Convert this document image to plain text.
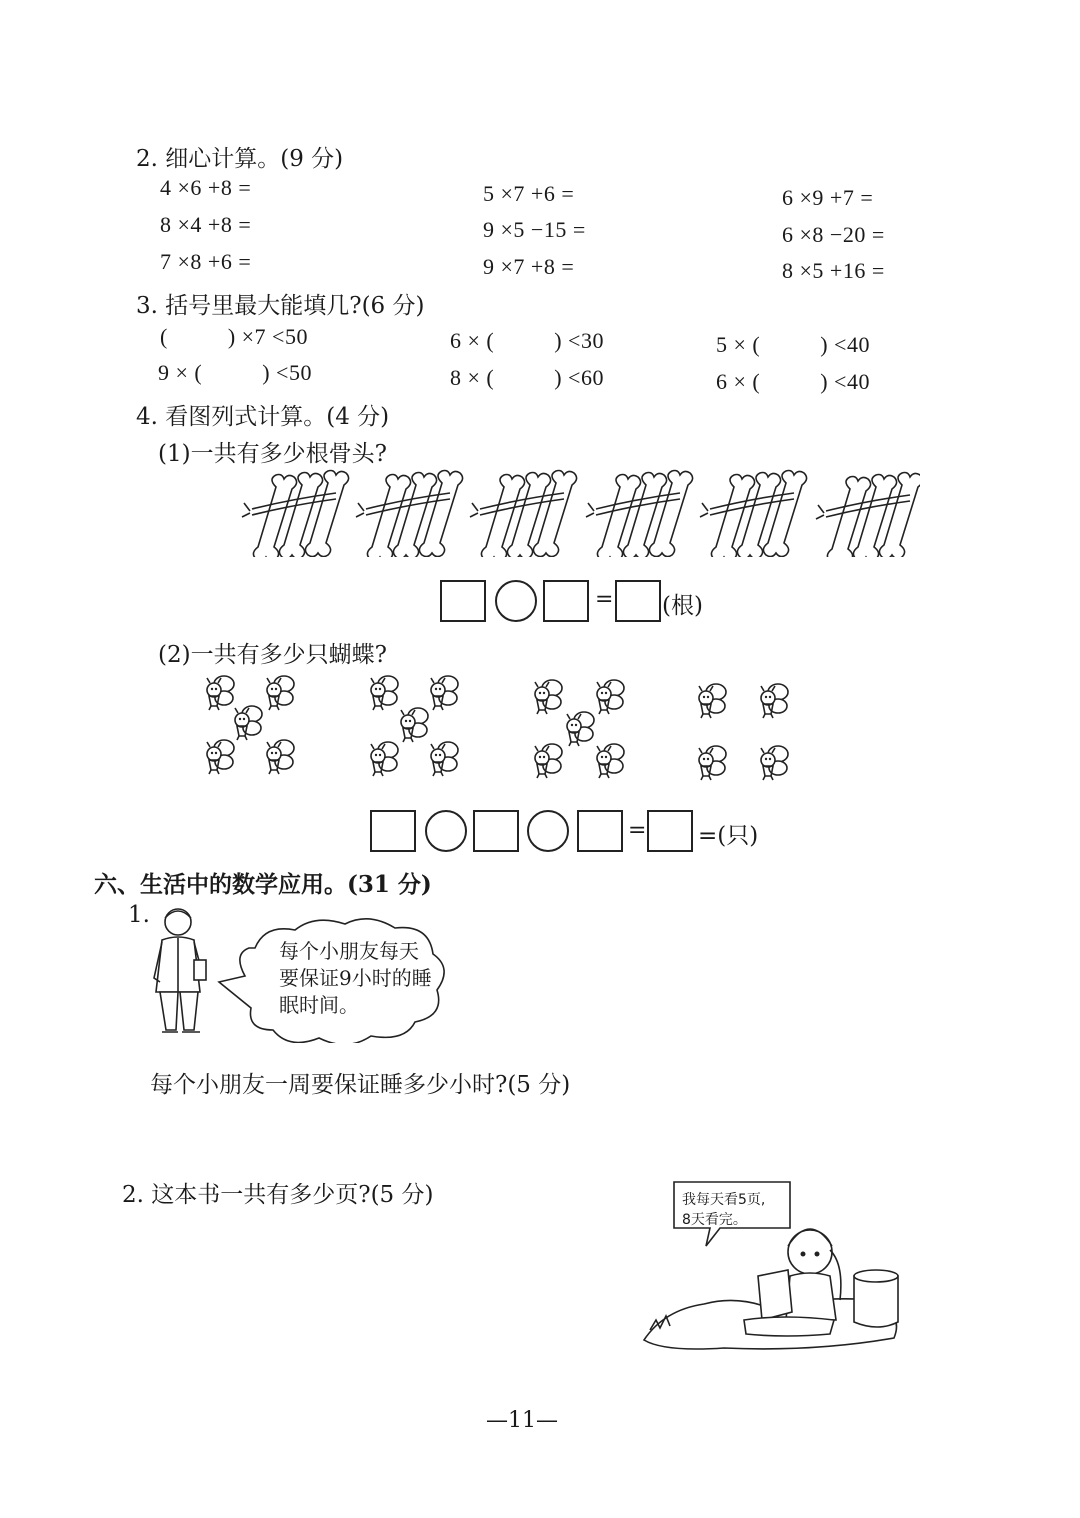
2. 细心计算。(9 分)
4 ×6 +8 =	5 ×7 +6 =	6 ×9 +7 =
8 ×4 +8 =	9 ×5 −15 =	6 ×8 −20 =
7 ×8 +6 =	9 ×7 +8 =	8 ×5 +16 =
3. 括号里最大能填几?(6 分)
(          ) ×7 <50	6 × (          ) <30	5 × (          ) <40
9 × (          ) <50	8 × (          ) <60	6 × (          ) <40
4. 看图列式计算。(4 分)
(1)一共有多少根骨头?
= (根)
(2)一共有多少只蝴蝶?
= =(只)
六、生活中的数学应用。(31 分)
1.
每个小朋友每天
要保证9小时的睡
眠时间。
每个小朋友一周要保证睡多少小时?(5 分)
2. 这本书一共有多少页?(5 分)	我每天看5页,
8天看完。
—11—
